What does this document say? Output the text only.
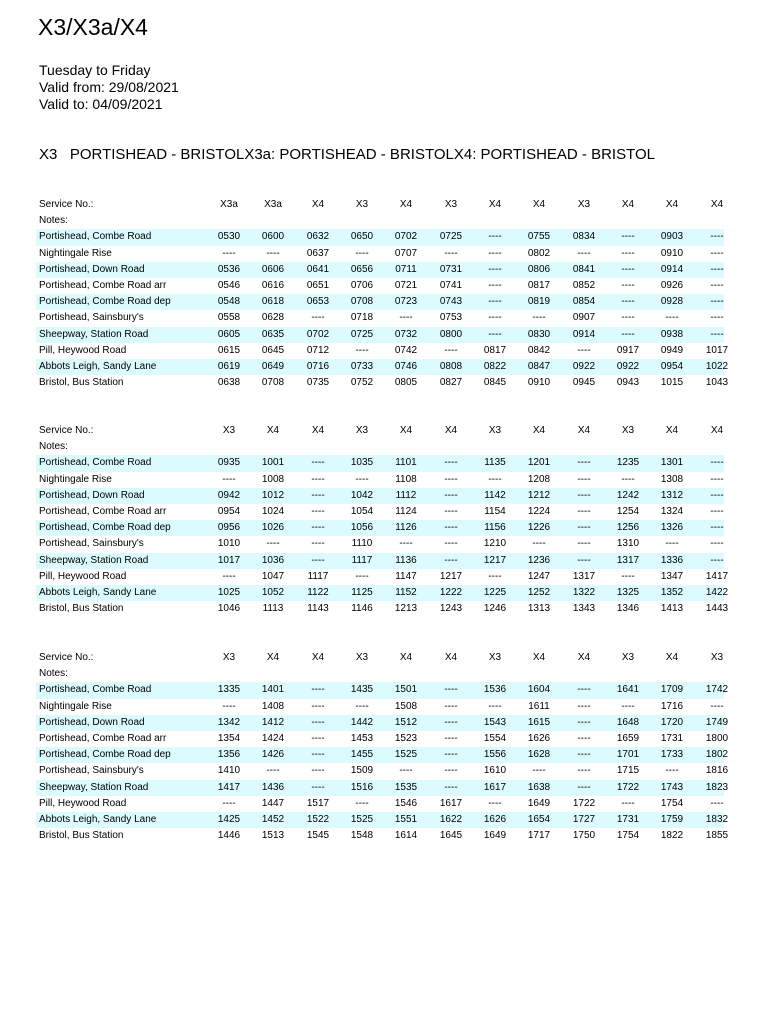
X3/X3a/X4
Tuesday to Friday
Valid from: 29/08/2021
Valid to: 04/09/2021
X3   PORTISHEAD - BRISTOLX3a: PORTISHEAD - BRISTOLX4: PORTISHEAD - BRISTOL
Service No.:	X3a	X3a	X4	X3	X4	X3	X4	X4	X3	X4	X4	X4
Notes:
Portishead, Combe Road	0530	0600	0632	0650	0702	0725	----	0755	0834	----	0903	----
Nightingale Rise	----	----	0637	----	0707	----	----	0802	----	----	0910	----
Portishead, Down Road	0536	0606	0641	0656	0711	0731	----	0806	0841	----	0914	----
Portishead, Combe Road arr	0546	0616	0651	0706	0721	0741	----	0817	0852	----	0926	----
Portishead, Combe Road dep	0548	0618	0653	0708	0723	0743	----	0819	0854	----	0928	----
Portishead, Sainsbury's	0558	0628	----	0718	----	0753	----	----	0907	----	----	----
Sheepway, Station Road	0605	0635	0702	0725	0732	0800	----	0830	0914	----	0938	----
Pill, Heywood Road	0615	0645	0712	----	0742	----	0817	0842	----	0917	0949	1017
Abbots Leigh, Sandy Lane	0619	0649	0716	0733	0746	0808	0822	0847	0922	0922	0954	1022
Bristol, Bus Station	0638	0708	0735	0752	0805	0827	0845	0910	0945	0943	1015	1043
Service No.:	X3	X4	X4	X3	X4	X4	X3	X4	X4	X3	X4	X4
Notes:
Portishead, Combe Road	0935	1001	----	1035	1101	----	1135	1201	----	1235	1301	----
Nightingale Rise	----	1008	----	----	1108	----	----	1208	----	----	1308	----
Portishead, Down Road	0942	1012	----	1042	1112	----	1142	1212	----	1242	1312	----
Portishead, Combe Road arr	0954	1024	----	1054	1124	----	1154	1224	----	1254	1324	----
Portishead, Combe Road dep	0956	1026	----	1056	1126	----	1156	1226	----	1256	1326	----
Portishead, Sainsbury's	1010	----	----	1110	----	----	1210	----	----	1310	----	----
Sheepway, Station Road	1017	1036	----	1117	1136	----	1217	1236	----	1317	1336	----
Pill, Heywood Road	----	1047	1117	----	1147	1217	----	1247	1317	----	1347	1417
Abbots Leigh, Sandy Lane	1025	1052	1122	1125	1152	1222	1225	1252	1322	1325	1352	1422
Bristol, Bus Station	1046	1113	1143	1146	1213	1243	1246	1313	1343	1346	1413	1443
Service No.:	X3	X4	X4	X3	X4	X4	X3	X4	X4	X3	X4	X3
Notes:
Portishead, Combe Road	1335	1401	----	1435	1501	----	1536	1604	----	1641	1709	1742
Nightingale Rise	----	1408	----	----	1508	----	----	1611	----	----	1716	----
Portishead, Down Road	1342	1412	----	1442	1512	----	1543	1615	----	1648	1720	1749
Portishead, Combe Road arr	1354	1424	----	1453	1523	----	1554	1626	----	1659	1731	1800
Portishead, Combe Road dep	1356	1426	----	1455	1525	----	1556	1628	----	1701	1733	1802
Portishead, Sainsbury's	1410	----	----	1509	----	----	1610	----	----	1715	----	1816
Sheepway, Station Road	1417	1436	----	1516	1535	----	1617	1638	----	1722	1743	1823
Pill, Heywood Road	----	1447	1517	----	1546	1617	----	1649	1722	----	1754	----
Abbots Leigh, Sandy Lane	1425	1452	1522	1525	1551	1622	1626	1654	1727	1731	1759	1832
Bristol, Bus Station	1446	1513	1545	1548	1614	1645	1649	1717	1750	1754	1822	1855
